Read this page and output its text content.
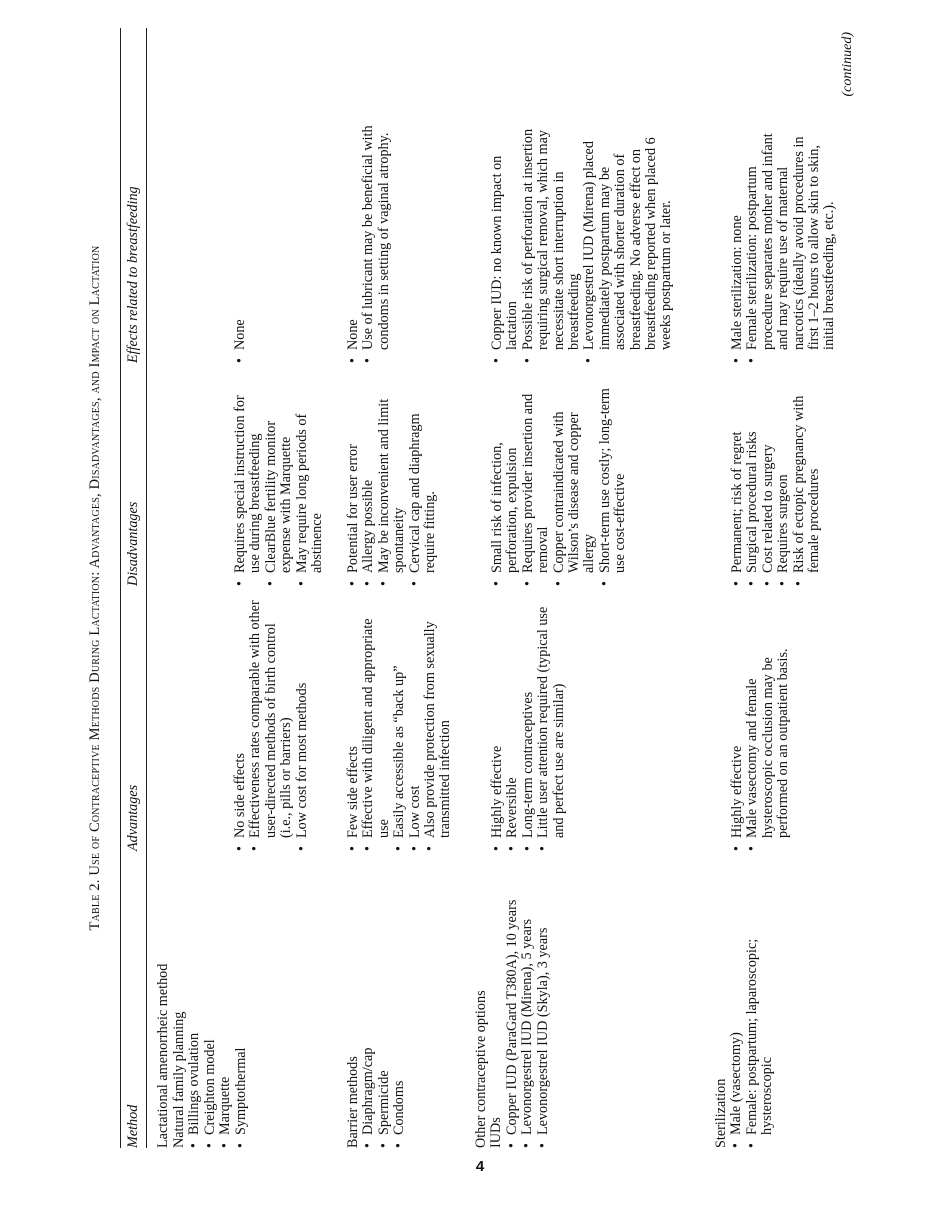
4
Table 2. Use of Contraceptive Methods During Lactation: Advantages, Disadvantages, and Impact on Lactation
Method
Advantages
Disadvantages
Effects related to breastfeeding
Lactational amenorrheic method Natural family planning • Billings ovulation • Creighton model • Marquette • Symptothermal
• No side effects • Effectiveness rates comparable with other user-directed methods of birth control (i.e., pills or barriers) • Low cost for most methods
• Requires special instruction for use during breastfeeding • ClearBlue fertility monitor expense with Marquette • May require long periods of abstinence
• None
Barrier methods • Diaphragm/cap • Spermicide • Condoms
• Few side effects • Effective with diligent and appropriate use • Easily accessible as “back up” • Low cost • Also provide protection from sexually transmitted infection
• Potential for user error • Allergy possible • May be inconvenient and limit spontaneity • Cervical cap and diaphragm require fitting.
• None • Use of lubricant may be beneficial with condoms in setting of vaginal atrophy.
Other contraceptive options IUDs • Copper IUD (ParaGard T380A), 10 years • Levonorgestrel IUD (Mirena), 5 years • Levonorgestrel IUD (Skyla), 3 years
• Highly effective • Reversible • Long-term contraceptives • Little user attention required (typical use and perfect use are similar)
• Small risk of infection, perforation, expulsion • Requires provider insertion and removal • Copper contraindicated with Wilson’s disease and copper allergy • Short-term use costly; long-term use cost-effective
• Copper IUD: no known impact on lactation • Possible risk of perforation at insertion requiring surgical removal, which may necessitate short interruption in breastfeeding • Levonorgestrel IUD (Mirena) placed immediately postpartum may be associated with shorter duration of breastfeeding. No adverse effect on breastfeeding reported when placed 6 weeks postpartum or later.
Sterilization • Male (vasectomy) • Female: postpartum; laparoscopic; hysteroscopic
• Highly effective • Male vasectomy and female hysteroscopic occlusion may be performed on an outpatient basis.
• Permanent; risk of regret • Surgical procedural risks • Cost related to surgery • Requires surgeon • Risk of ectopic pregnancy with female procedures
• Male sterilization: none • Female sterilization: postpartum procedure separates mother and infant and may require use of maternal narcotics (ideally avoid procedures in first 1–2 hours to allow skin to skin, initial breastfeeding, etc.).
(continued)
